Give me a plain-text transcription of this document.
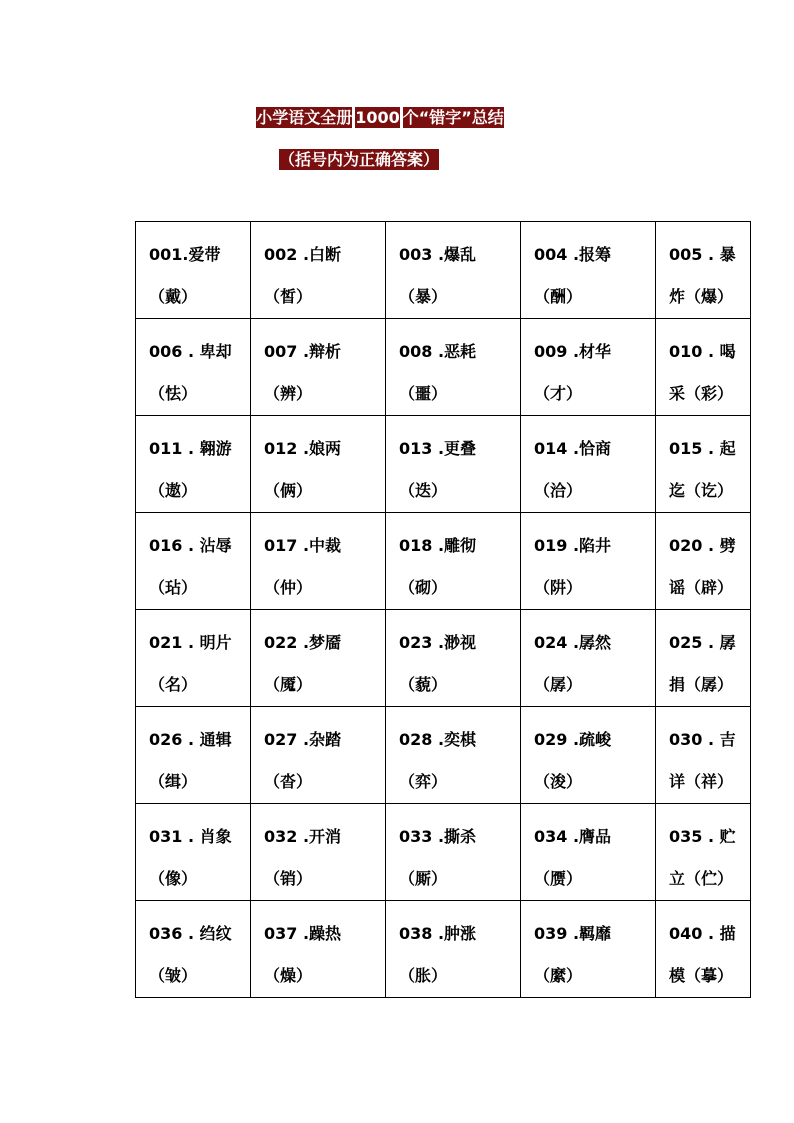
小学语文全册 1000 个“错字”总结
（括号内为正确答案）
001.爱带（戴）	002 .白断（皙）	003 .爆乱（暴）	004 .报筹（酬）	005 . 暴炸（爆）
006 . 卑却（怯）	007 .辩析（辨）	008 .恶耗（噩）	009 .材华（才）	010 . 喝采（彩）
011 . 翱游（遨）	012 .娘两（俩）	013 .更叠（迭）	014 .恰商（洽）	015 . 起迄（讫）
016 . 沾辱（玷）	017 .中裁（仲）	018 .雕彻（砌）	019 .陷井（阱）	020 . 劈谣（辟）
021 . 明片（名）	022 .梦靥（魇）	023 .渺视（藐）	024 .孱然（孱）	025 . 孱捐（孱）
026 . 通辑（缉）	027 .杂踏（沓）	028 .奕棋（弈）	029 .疏峻（浚）	030 . 吉详（祥）
031 . 肖象（像）	032 .开消（销）	033 .撕杀（厮）	034 .膺品（赝）	035 . 贮立（伫）
036 . 绉纹（皱）	037 .躁热（燥）	038 .肿涨（胀）	039 .羁靡（縻）	040 . 描模（摹）
